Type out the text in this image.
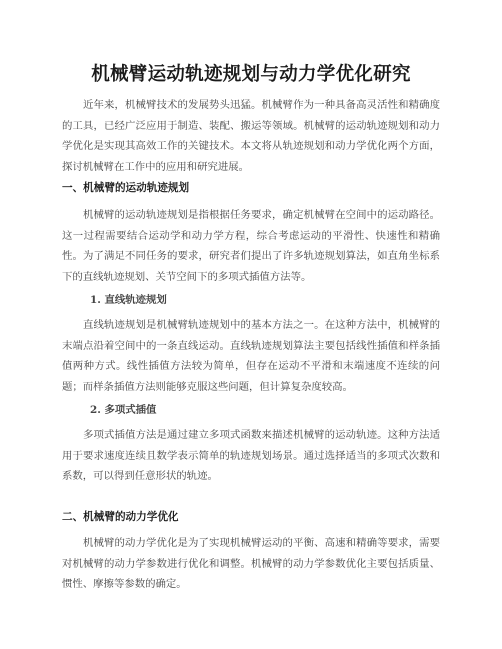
机械臂运动轨迹规划与动力学优化研究

近年来，机械臂技术的发展势头迅猛。机械臂作为一种具备高灵活性和精确度的工具，已经广泛应用于制造、装配、搬运等领域。机械臂的运动轨迹规划和动力学优化是实现其高效工作的关键技术。本文将从轨迹规划和动力学优化两个方面，探讨机械臂在工作中的应用和研究进展。

一、机械臂的运动轨迹规划

机械臂的运动轨迹规划是指根据任务要求，确定机械臂在空间中的运动路径。这一过程需要结合运动学和动力学方程，综合考虑运动的平滑性、快速性和精确性。为了满足不同任务的要求，研究者们提出了许多轨迹规划算法，如直角坐标系下的直线轨迹规划、关节空间下的多项式插值方法等。

1. 直线轨迹规划

直线轨迹规划是机械臂轨迹规划中的基本方法之一。在这种方法中，机械臂的末端点沿着空间中的一条直线运动。直线轨迹规划算法主要包括线性插值和样条插值两种方式。线性插值方法较为简单，但存在运动不平滑和末端速度不连续的问题；而样条插值方法则能够克服这些问题，但计算复杂度较高。

2. 多项式插值

多项式插值方法是通过建立多项式函数来描述机械臂的运动轨迹。这种方法适用于要求速度连续且数学表示简单的轨迹规划场景。通过选择适当的多项式次数和系数，可以得到任意形状的轨迹。

二、机械臂的动力学优化

机械臂的动力学优化是为了实现机械臂运动的平衡、高速和精确等要求，需要对机械臂的动力学参数进行优化和调整。机械臂的动力学参数优化主要包括质量、惯性、摩擦等参数的确定。
